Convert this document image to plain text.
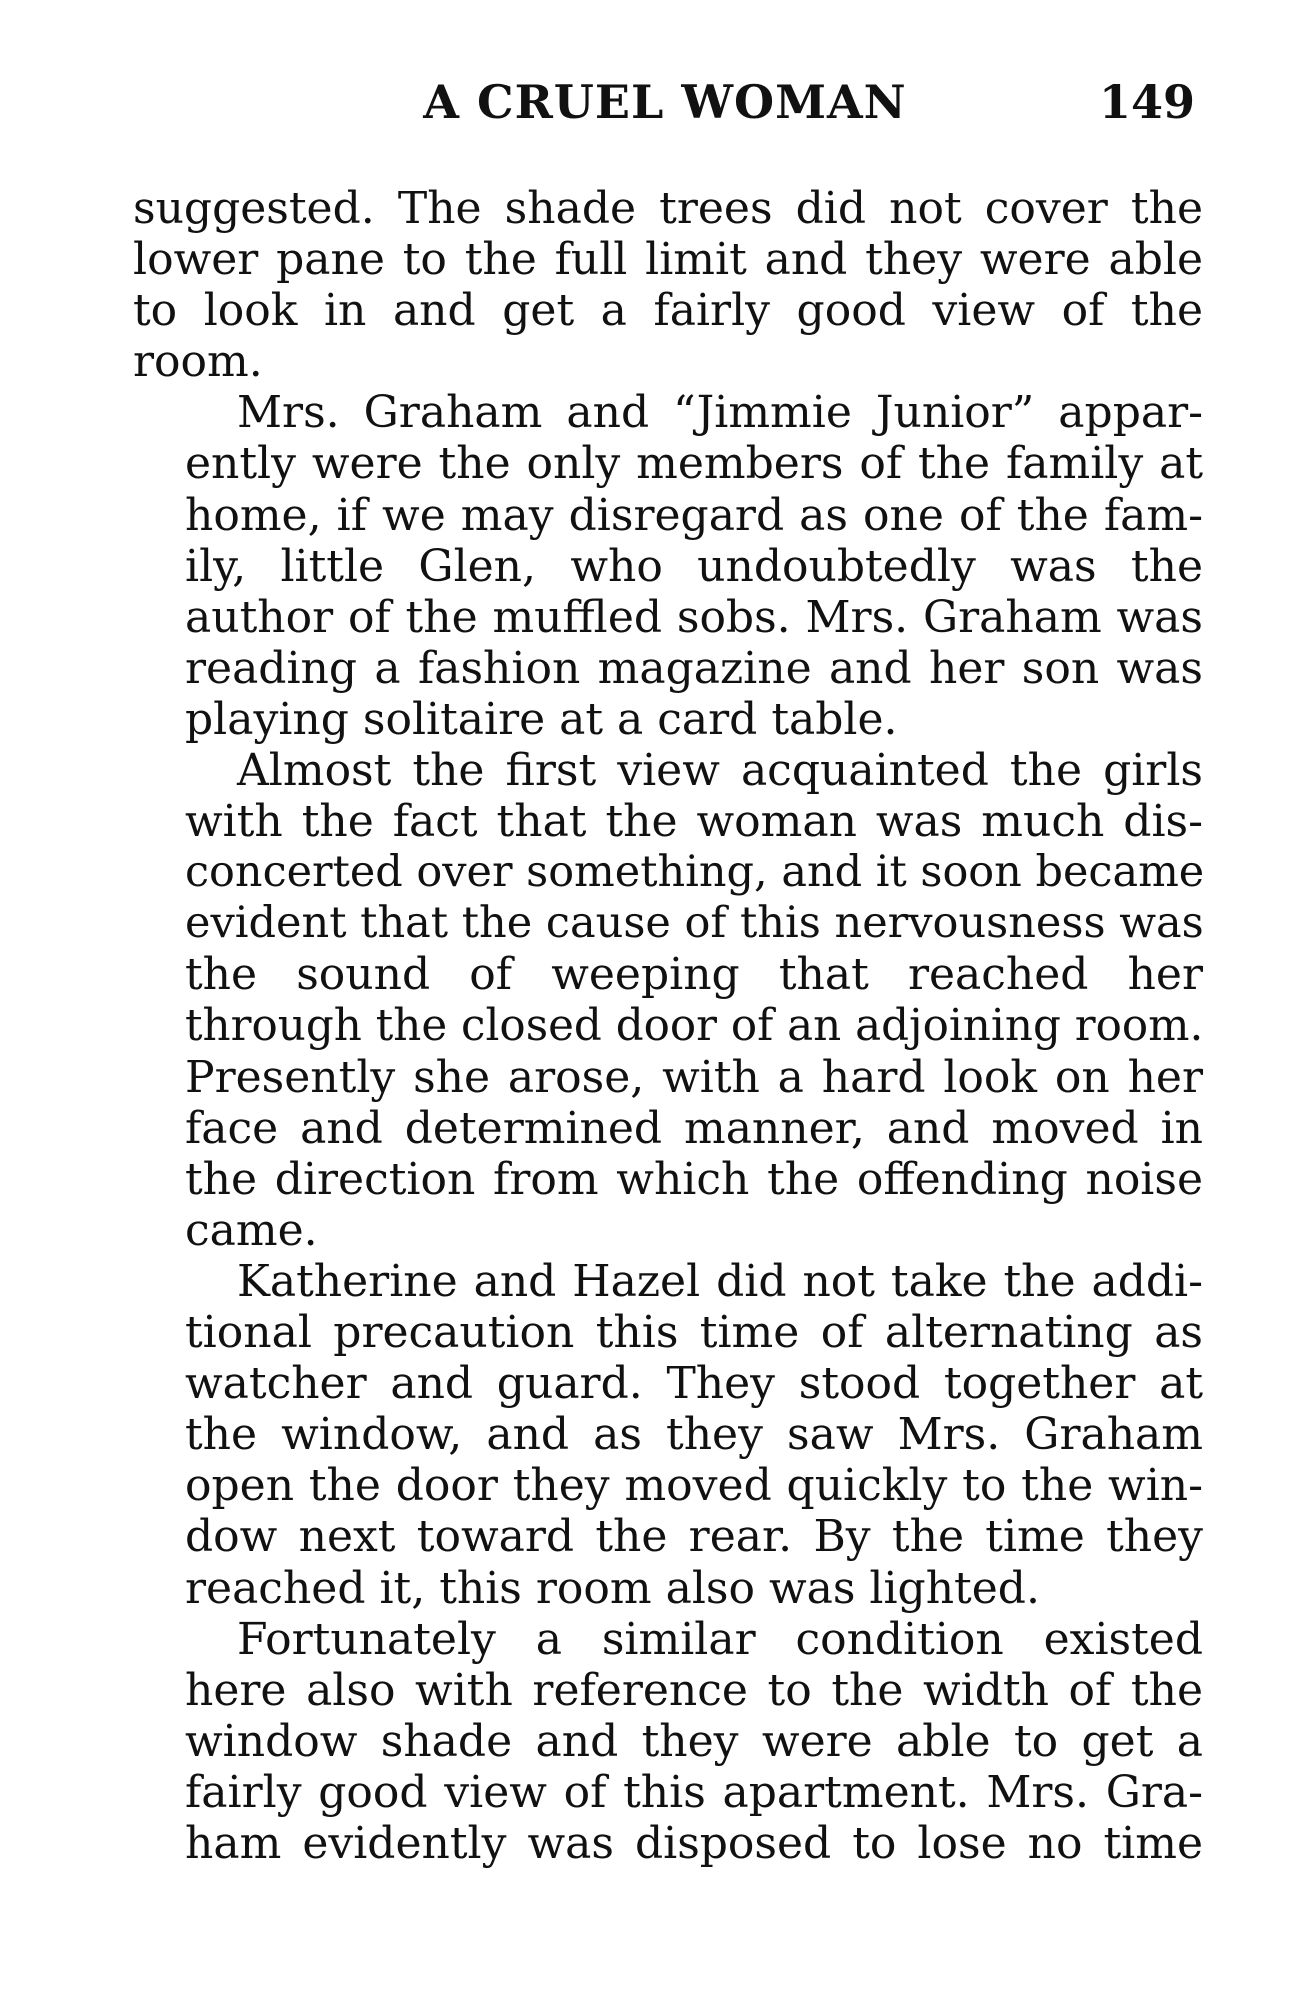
A CRUEL WOMAN	149

suggested. The shade trees did not cover the
lower pane to the full limit and they were able
to look in and get a fairly good view of the
room.

Mrs. Graham and “Jimmie Junior” appar-
ently were the only members of the family at
home, if we may disregard as one of the fam-
ily, little Glen, who undoubtedly was the
author of the muffled sobs. Mrs. Graham was
reading a fashion magazine and her son was
playing solitaire at a card table.

Almost the first view acquainted the girls
with the fact that the woman was much dis-
concerted over something, and it soon became
evident that the cause of this nervousness was
the sound of weeping that reached her
through the closed door of an adjoining room.
Presently she arose, with a hard look on her
face and determined manner, and moved in
the direction from which the offending noise
came.

Katherine and Hazel did not take the addi-
tional precaution this time of alternating as
watcher and guard. They stood together at
the window, and as they saw Mrs. Graham
open the door they moved quickly to the win-
dow next toward the rear. By the time they
reached it, this room also was lighted.

Fortunately a similar condition existed
here also with reference to the width of the
window shade and they were able to get a
fairly good view of this apartment. Mrs. Gra-
ham evidently was disposed to lose no time
